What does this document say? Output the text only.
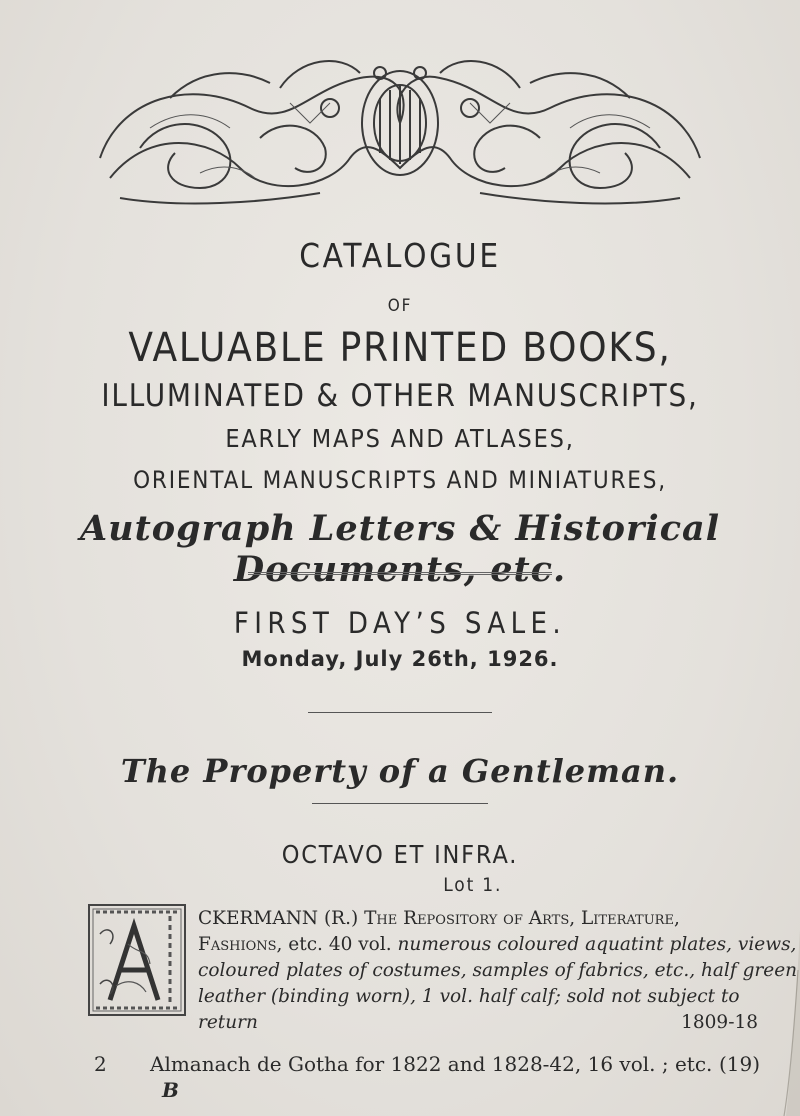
CATALOGUE
OF
VALUABLE PRINTED BOOKS,
ILLUMINATED & OTHER MANUSCRIPTS,
EARLY MAPS AND ATLASES,
ORIENTAL MANUSCRIPTS AND MINIATURES,
Autograph Letters & Historical Documents, etc.
FIRST DAY’S SALE.
Monday, July 26th, 1926.
The Property of a Gentleman.
OCTAVO ET INFRA.
Lot 1.
CKERMANN (R.) The Repository of Arts, Literature,
Fashions, etc. 40 vol. numerous coloured aquatint plates, views,
coloured plates of costumes, samples of fabrics, etc., half green
leather (binding worn), 1 vol. half calf; sold not subject to
return	1809-18
2 Almanach de Gotha for 1822 and 1828-42, 16 vol. ; etc. (19)
B
